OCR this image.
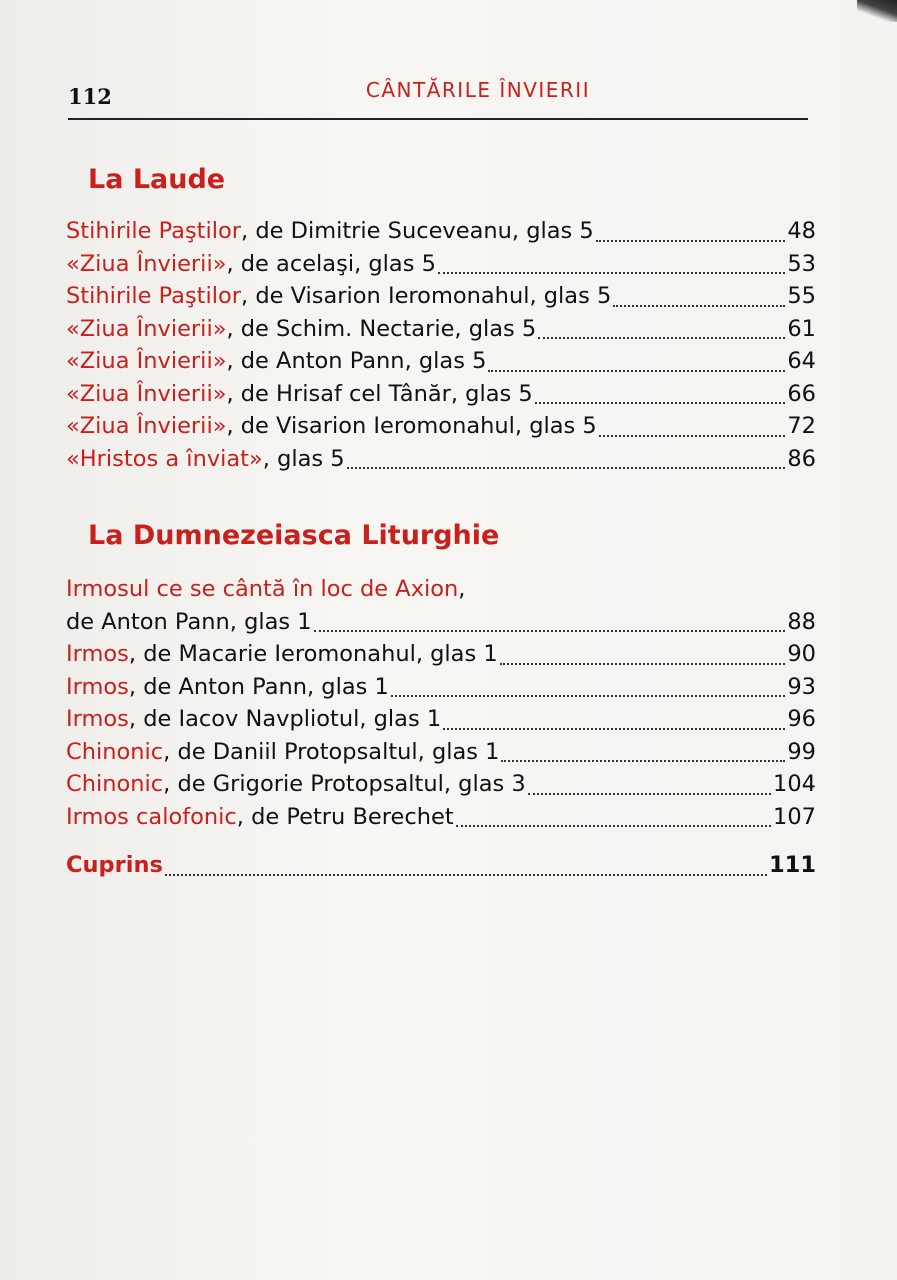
112	CÂNTĂRILE ÎNVIERII
La Laude
Stihirile Paştilor , de Dimitrie Suceveanu, glas 5	48
«Ziua Învierii» , de acelaşi, glas 5	53
Stihirile Paştilor , de Visarion Ieromonahul, glas 5	55
«Ziua Învierii» , de Schim. Nectarie, glas 5	61
«Ziua Învierii» , de Anton Pann, glas 5	64
«Ziua Învierii» , de Hrisaf cel Tânăr, glas 5	66
«Ziua Învierii» , de Visarion Ieromonahul, glas 5	72
«Hristos a înviat» , glas 5	86
La Dumnezeiasca Liturghie
Irmosul ce se cântă în loc de Axion ,
de Anton Pann, glas 1	88
Irmos , de Macarie Ieromonahul, glas 1	90
Irmos , de Anton Pann, glas 1	93
Irmos , de Iacov Navpliotul, glas 1	96
Chinonic , de Daniil Protopsaltul, glas 1	99
Chinonic , de Grigorie Protopsaltul, glas 3	104
Irmos calofonic , de Petru Berechet	107
Cuprins	111
